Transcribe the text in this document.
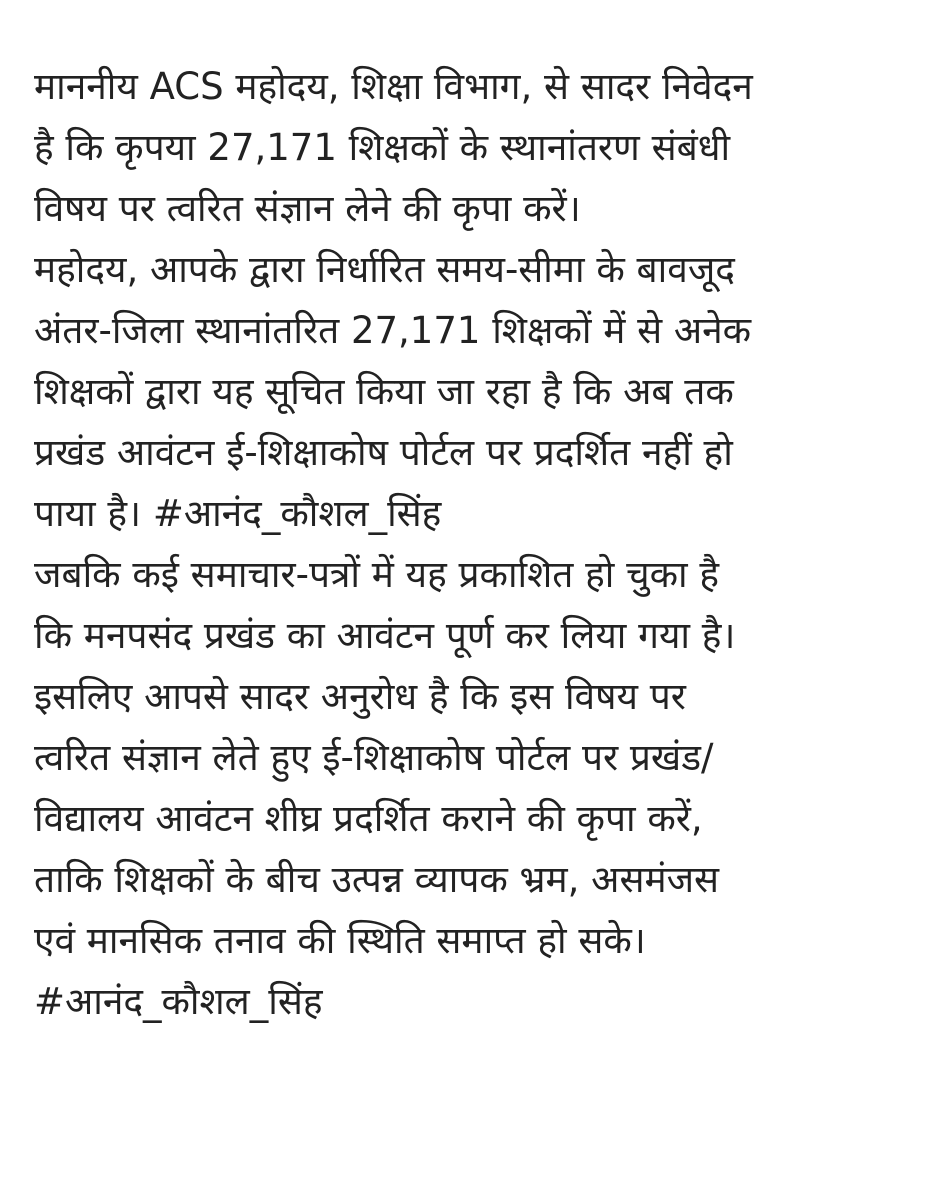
माननीय ACS महोदय, शिक्षा विभाग, से सादर निवेदन
है कि कृपया 27,171 शिक्षकों के स्थानांतरण संबंधी
विषय पर त्वरित संज्ञान लेने की कृपा करें।
महोदय, आपके द्वारा निर्धारित समय-सीमा के बावजूद
अंतर-जिला स्थानांतरित 27,171 शिक्षकों में से अनेक
शिक्षकों द्वारा यह सूचित किया जा रहा है कि अब तक
प्रखंड आवंटन ई-शिक्षाकोष पोर्टल पर प्रदर्शित नहीं हो
पाया है। #आनंद_कौशल_सिंह
जबकि कई समाचार-पत्रों में यह प्रकाशित हो चुका है
कि मनपसंद प्रखंड का आवंटन पूर्ण कर लिया गया है।
इसलिए आपसे सादर अनुरोध है कि इस विषय पर
त्वरित संज्ञान लेते हुए ई-शिक्षाकोष पोर्टल पर प्रखंड/
विद्यालय आवंटन शीघ्र प्रदर्शित कराने की कृपा करें,
ताकि शिक्षकों के बीच उत्पन्न व्यापक भ्रम, असमंजस
एवं मानसिक तनाव की स्थिति समाप्त हो सके।
#आनंद_कौशल_सिंह
